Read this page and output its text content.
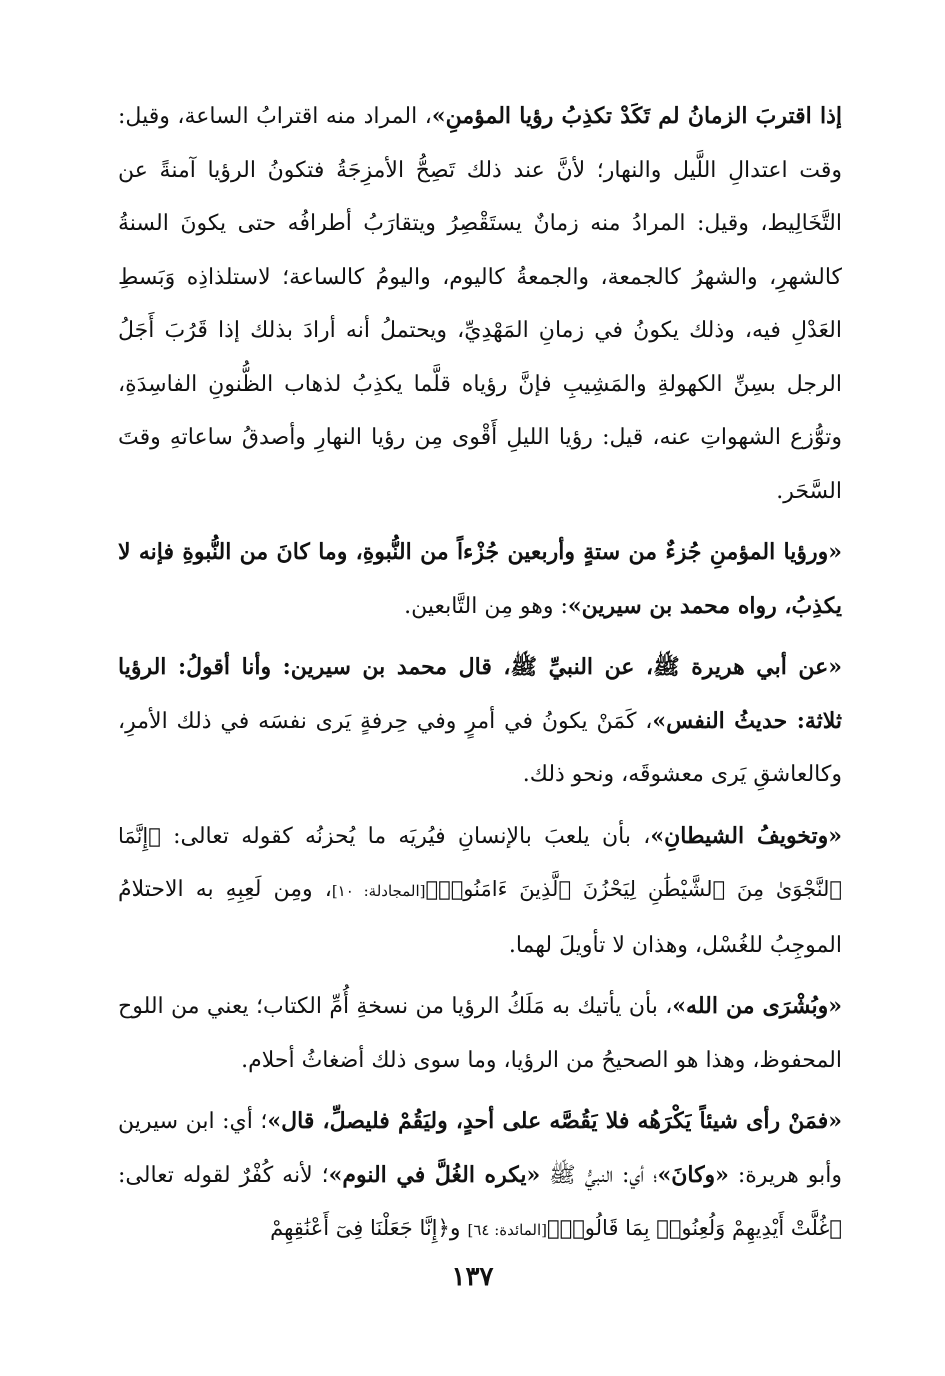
إذا اقتربَ الزمانُ لم تَكَدْ تكذِبُ رؤيا المؤمنِ»، المراد منه اقترابُ الساعة، وقيل: وقت اعتدالِ اللَّيل والنهار؛ لأنَّ عند ذلك تَصِحُّ الأمزِجَةُ فتكونُ الرؤيا آمنةً عن التَّخَالِيط، وقيل: المرادُ منه زمانٌ يستَقْصِرُ ويتقارَبُ أطرافُه حتى يكونَ السنةُ كالشهرِ، والشهرُ كالجمعة، والجمعةُ كاليوم، واليومُ كالساعة؛ لاستلذاذِه وَبَسطِ العَدْلِ فيه، وذلك يكونُ في زمانِ المَهْدِيِّ، ويحتملُ أنه أرادَ بذلك إذا قَرُبَ أَجَلُ الرجل بسِنِّ الكهولةِ والمَشِيبِ فإنَّ رؤياه قلَّما يكذِبُ لذهاب الظُّنونِ الفاسِدَةِ، وتوُّزع الشهواتِ عنه، قيل: رؤيا الليلِ أَقْوى مِن رؤيا النهارِ وأصدقُ ساعاتهِ وقتَ السَّحَر.

«ورؤيا المؤمنِ جُزءٌ من ستةٍ وأربعين جُزْءاً من النُّبوةِ، وما كانَ من النُّبوةِ فإنه لا يكذِبُ، رواه محمد بن سيرين»: وهو مِن التَّابعين.

«عن أبي هريرة ﷺ، عن النبيِّ ﷺ، قال محمد بن سيرين: وأنا أقولُ: الرؤيا ثلاثة: حديثُ النفس»، كَمَنْ يكونُ في أمرٍ وفي حِرفةٍ يَرى نفسَه في ذلك الأمرِ، وكالعاشقِ يَرى معشوقَه، ونحو ذلك.

«وتخويفُ الشيطانِ»، بأن يلعبَ بالإنسانِ فيُريَه ما يُحزنُه كقوله تعالى: ﴿إِنَّمَا ٱلنَّجْوَىٰ مِنَ ٱلشَّيْطَٰنِ لِيَحْزُنَ ٱلَّذِينَ ءَامَنُوا۟﴾[المجادلة: ١٠]، ومِن لَعِبِهِ به الاحتلامُ الموجِبُ للغُسْل، وهذان لا تأويلَ لهما.

«وبُشْرَى من الله»، بأن يأتيك به مَلَكُ الرؤيا من نسخةِ أُمِّ الكتاب؛ يعني من اللوح المحفوظ، وهذا هو الصحيحُ من الرؤيا، وما سوى ذلك أضغاثُ أحلام.

«فمَنْ رأى شيئاً يَكْرَهُه فلا يَقُصَّه على أحدٍ، وليَقُمْ فليصلِّ، قال»؛ أي: ابن سيرين وأبو هريرة: «وكانَ»؛ أي: النبيُّ ﷺ «يكره الغُلَّ في النوم»؛ لأنه كُفْرٌ لقوله تعالى: ﴿غُلَّتْ أَيْدِيهِمْ وَلُعِنُوا۟ بِمَا قَالُوا۟﴾[المائدة: ٦٤] و﴿إِنَّا جَعَلْنَا فِىٓ أَعْنَٰقِهِمْ

١٣٧
